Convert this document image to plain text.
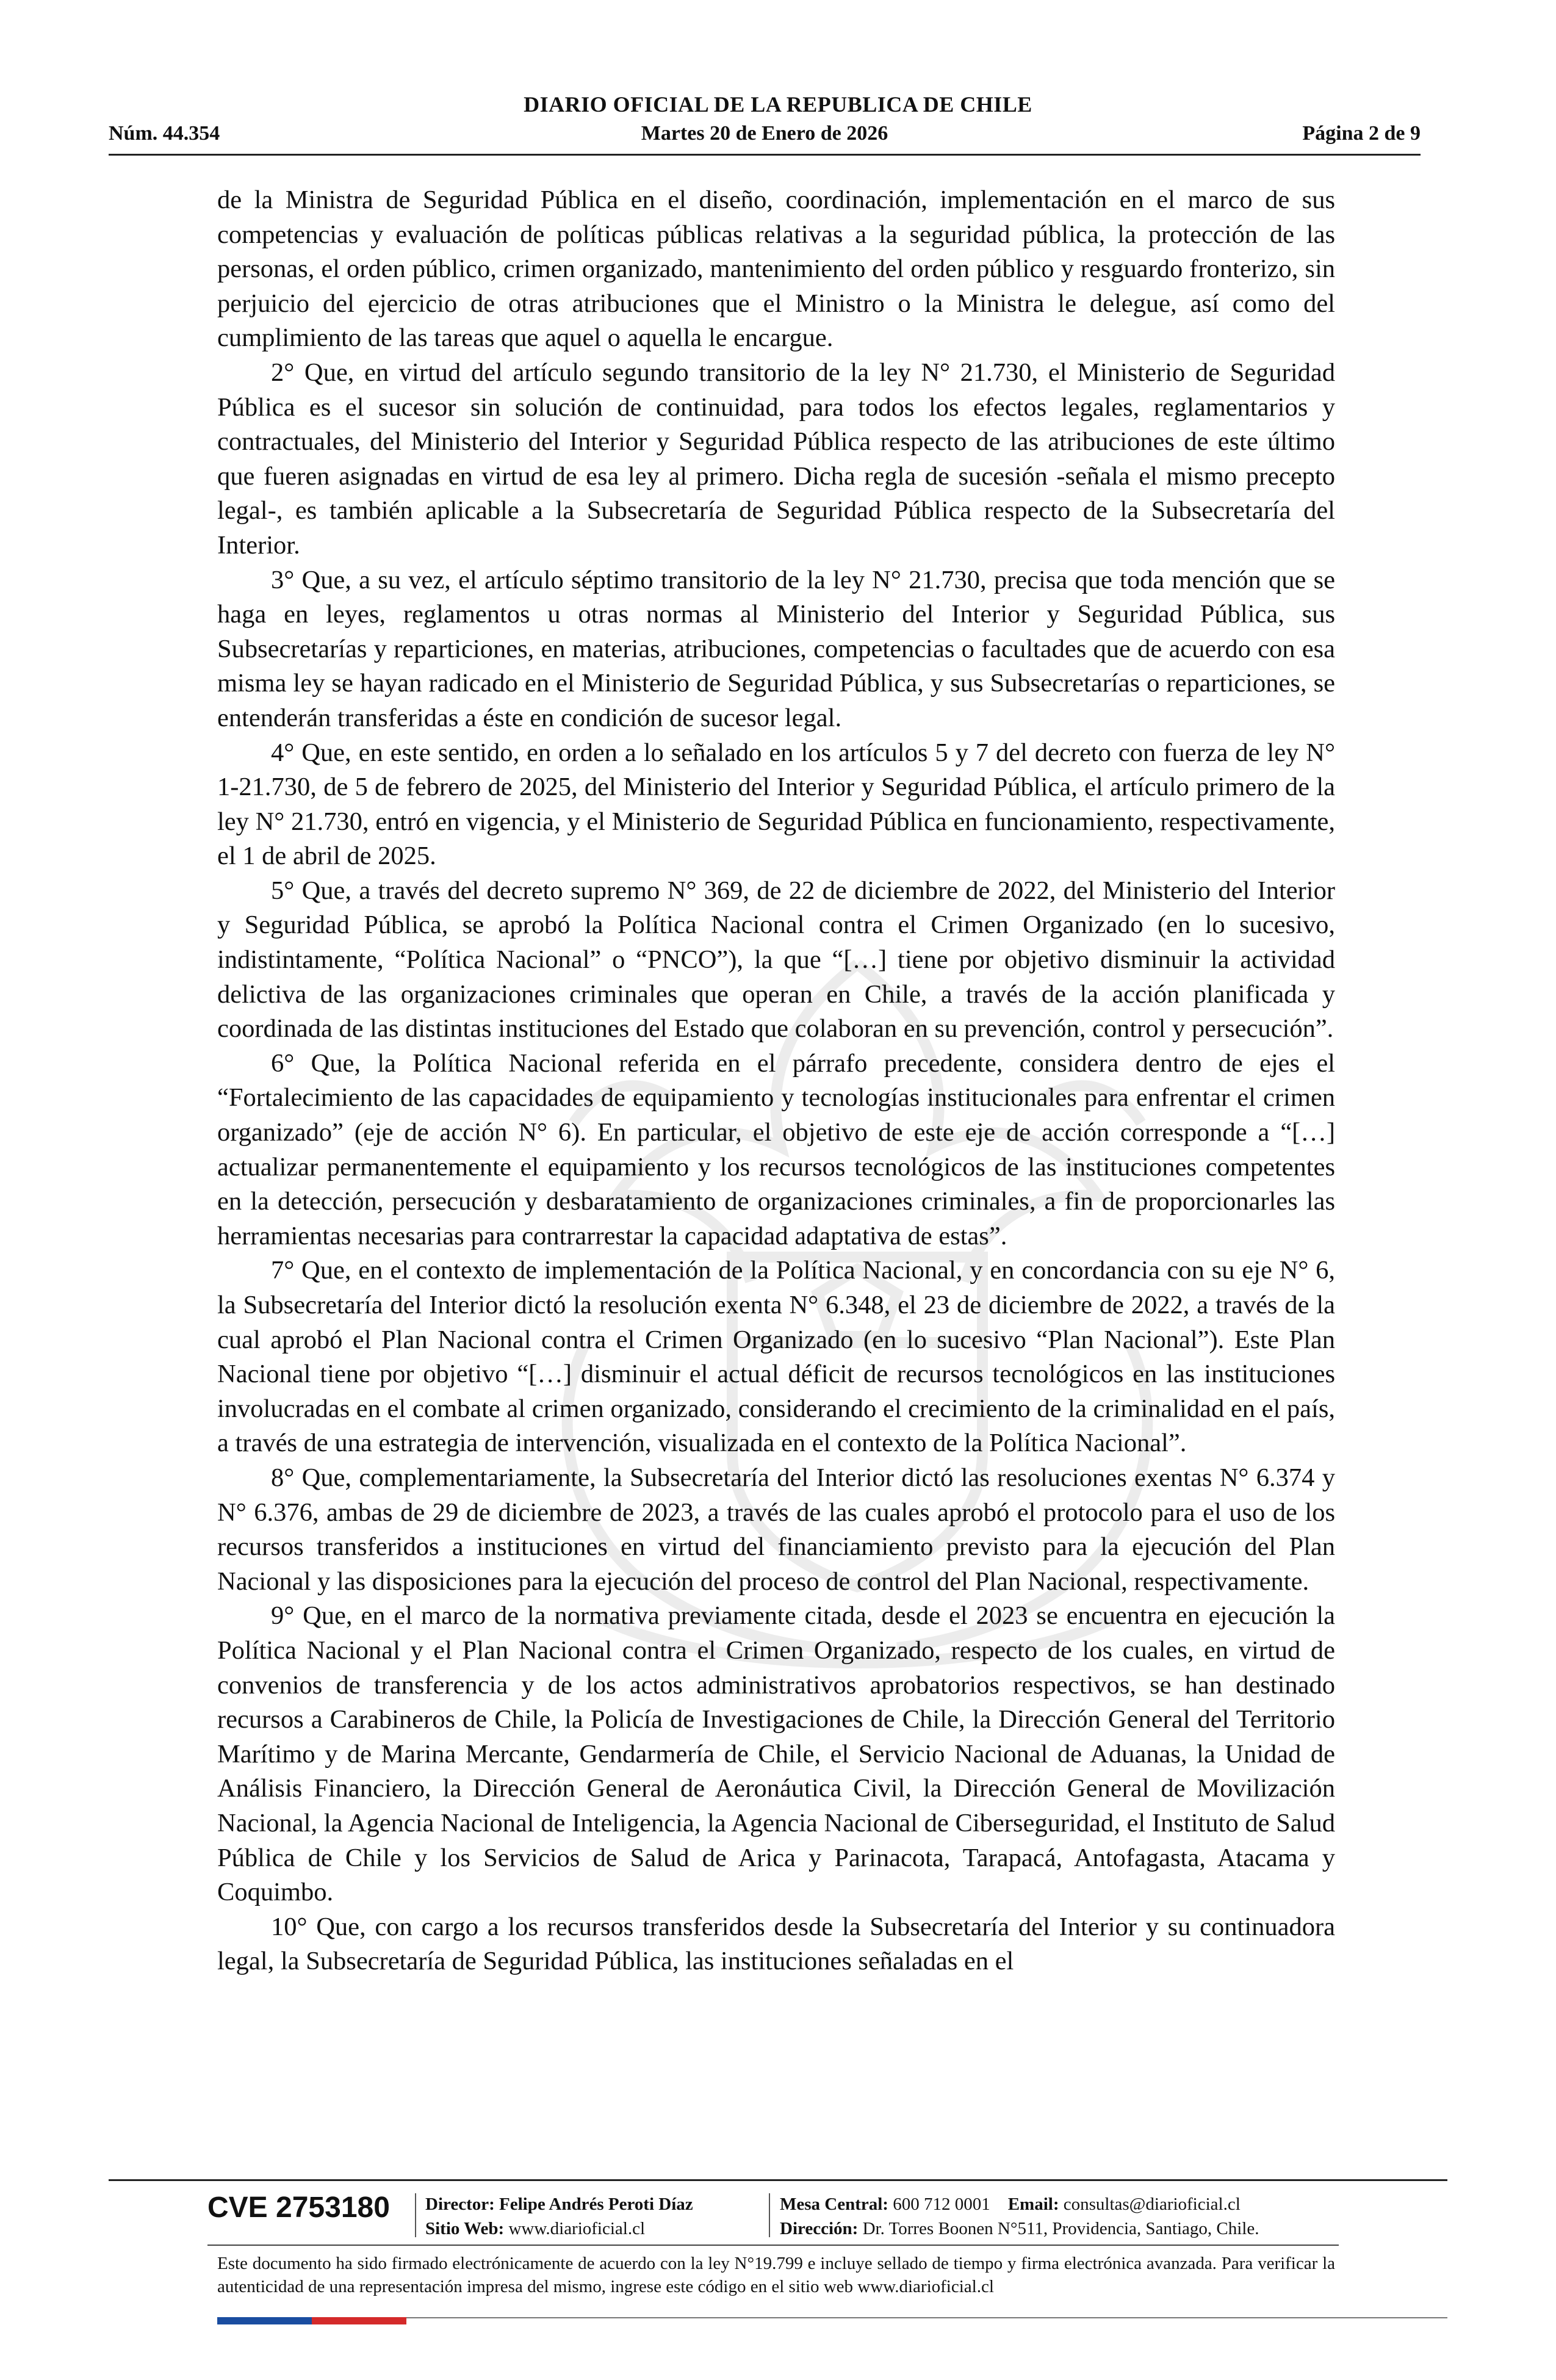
DIARIO OFICIAL DE LA REPUBLICA DE CHILE
Núm. 44.354	Martes 20 de Enero de 2026	Página 2 de 9

de la Ministra de Seguridad Pública en el diseño, coordinación, implementación en el marco de sus competencias y evaluación de políticas públicas relativas a la seguridad pública, la protección de las personas, el orden público, crimen organizado, mantenimiento del orden público y resguardo fronterizo, sin perjuicio del ejercicio de otras atribuciones que el Ministro o la Ministra le delegue, así como del cumplimiento de las tareas que aquel o aquella le encargue.

2° Que, en virtud del artículo segundo transitorio de la ley N° 21.730, el Ministerio de Seguridad Pública es el sucesor sin solución de continuidad, para todos los efectos legales, reglamentarios y contractuales, del Ministerio del Interior y Seguridad Pública respecto de las atribuciones de este último que fueren asignadas en virtud de esa ley al primero. Dicha regla de sucesión -señala el mismo precepto legal-, es también aplicable a la Subsecretaría de Seguridad Pública respecto de la Subsecretaría del Interior.

3° Que, a su vez, el artículo séptimo transitorio de la ley N° 21.730, precisa que toda mención que se haga en leyes, reglamentos u otras normas al Ministerio del Interior y Seguridad Pública, sus Subsecretarías y reparticiones, en materias, atribuciones, competencias o facultades que de acuerdo con esa misma ley se hayan radicado en el Ministerio de Seguridad Pública, y sus Subsecretarías o reparticiones, se entenderán transferidas a éste en condición de sucesor legal.

4° Que, en este sentido, en orden a lo señalado en los artículos 5 y 7 del decreto con fuerza de ley N° 1-21.730, de 5 de febrero de 2025, del Ministerio del Interior y Seguridad Pública, el artículo primero de la ley N° 21.730, entró en vigencia, y el Ministerio de Seguridad Pública en funcionamiento, respectivamente, el 1 de abril de 2025.

5° Que, a través del decreto supremo N° 369, de 22 de diciembre de 2022, del Ministerio del Interior y Seguridad Pública, se aprobó la Política Nacional contra el Crimen Organizado (en lo sucesivo, indistintamente, “Política Nacional” o “PNCO”), la que “[…] tiene por objetivo disminuir la actividad delictiva de las organizaciones criminales que operan en Chile, a través de la acción planificada y coordinada de las distintas instituciones del Estado que colaboran en su prevención, control y persecución”.

6° Que, la Política Nacional referida en el párrafo precedente, considera dentro de ejes el “Fortalecimiento de las capacidades de equipamiento y tecnologías institucionales para enfrentar el crimen organizado” (eje de acción N° 6). En particular, el objetivo de este eje de acción corresponde a “[…] actualizar permanentemente el equipamiento y los recursos tecnológicos de las instituciones competentes en la detección, persecución y desbaratamiento de organizaciones criminales, a fin de proporcionarles las herramientas necesarias para contrarrestar la capacidad adaptativa de estas”.

7° Que, en el contexto de implementación de la Política Nacional, y en concordancia con su eje N° 6, la Subsecretaría del Interior dictó la resolución exenta N° 6.348, el 23 de diciembre de 2022, a través de la cual aprobó el Plan Nacional contra el Crimen Organizado (en lo sucesivo “Plan Nacional”). Este Plan Nacional tiene por objetivo “[…] disminuir el actual déficit de recursos tecnológicos en las instituciones involucradas en el combate al crimen organizado, considerando el crecimiento de la criminalidad en el país, a través de una estrategia de intervención, visualizada en el contexto de la Política Nacional”.

8° Que, complementariamente, la Subsecretaría del Interior dictó las resoluciones exentas N° 6.374 y N° 6.376, ambas de 29 de diciembre de 2023, a través de las cuales aprobó el protocolo para el uso de los recursos transferidos a instituciones en virtud del financiamiento previsto para la ejecución del Plan Nacional y las disposiciones para la ejecución del proceso de control del Plan Nacional, respectivamente.

9° Que, en el marco de la normativa previamente citada, desde el 2023 se encuentra en ejecución la Política Nacional y el Plan Nacional contra el Crimen Organizado, respecto de los cuales, en virtud de convenios de transferencia y de los actos administrativos aprobatorios respectivos, se han destinado recursos a Carabineros de Chile, la Policía de Investigaciones de Chile, la Dirección General del Territorio Marítimo y de Marina Mercante, Gendarmería de Chile, el Servicio Nacional de Aduanas, la Unidad de Análisis Financiero, la Dirección General de Aeronáutica Civil, la Dirección General de Movilización Nacional, la Agencia Nacional de Inteligencia, la Agencia Nacional de Ciberseguridad, el Instituto de Salud Pública de Chile y los Servicios de Salud de Arica y Parinacota, Tarapacá, Antofagasta, Atacama y Coquimbo.

10° Que, con cargo a los recursos transferidos desde la Subsecretaría del Interior y su continuadora legal, la Subsecretaría de Seguridad Pública, las instituciones señaladas en el

CVE 2753180 Director: Felipe Andrés Peroti Díaz
Sitio Web: www.diarioficial.cl
Mesa Central: 600 712 0001 Email: consultas@diarioficial.cl
Dirección: Dr. Torres Boonen N°511, Providencia, Santiago, Chile.
Este documento ha sido firmado electrónicamente de acuerdo con la ley N°19.799 e incluye sellado de tiempo y firma electrónica avanzada. Para verificar la autenticidad de una representación impresa del mismo, ingrese este código en el sitio web www.diarioficial.cl
